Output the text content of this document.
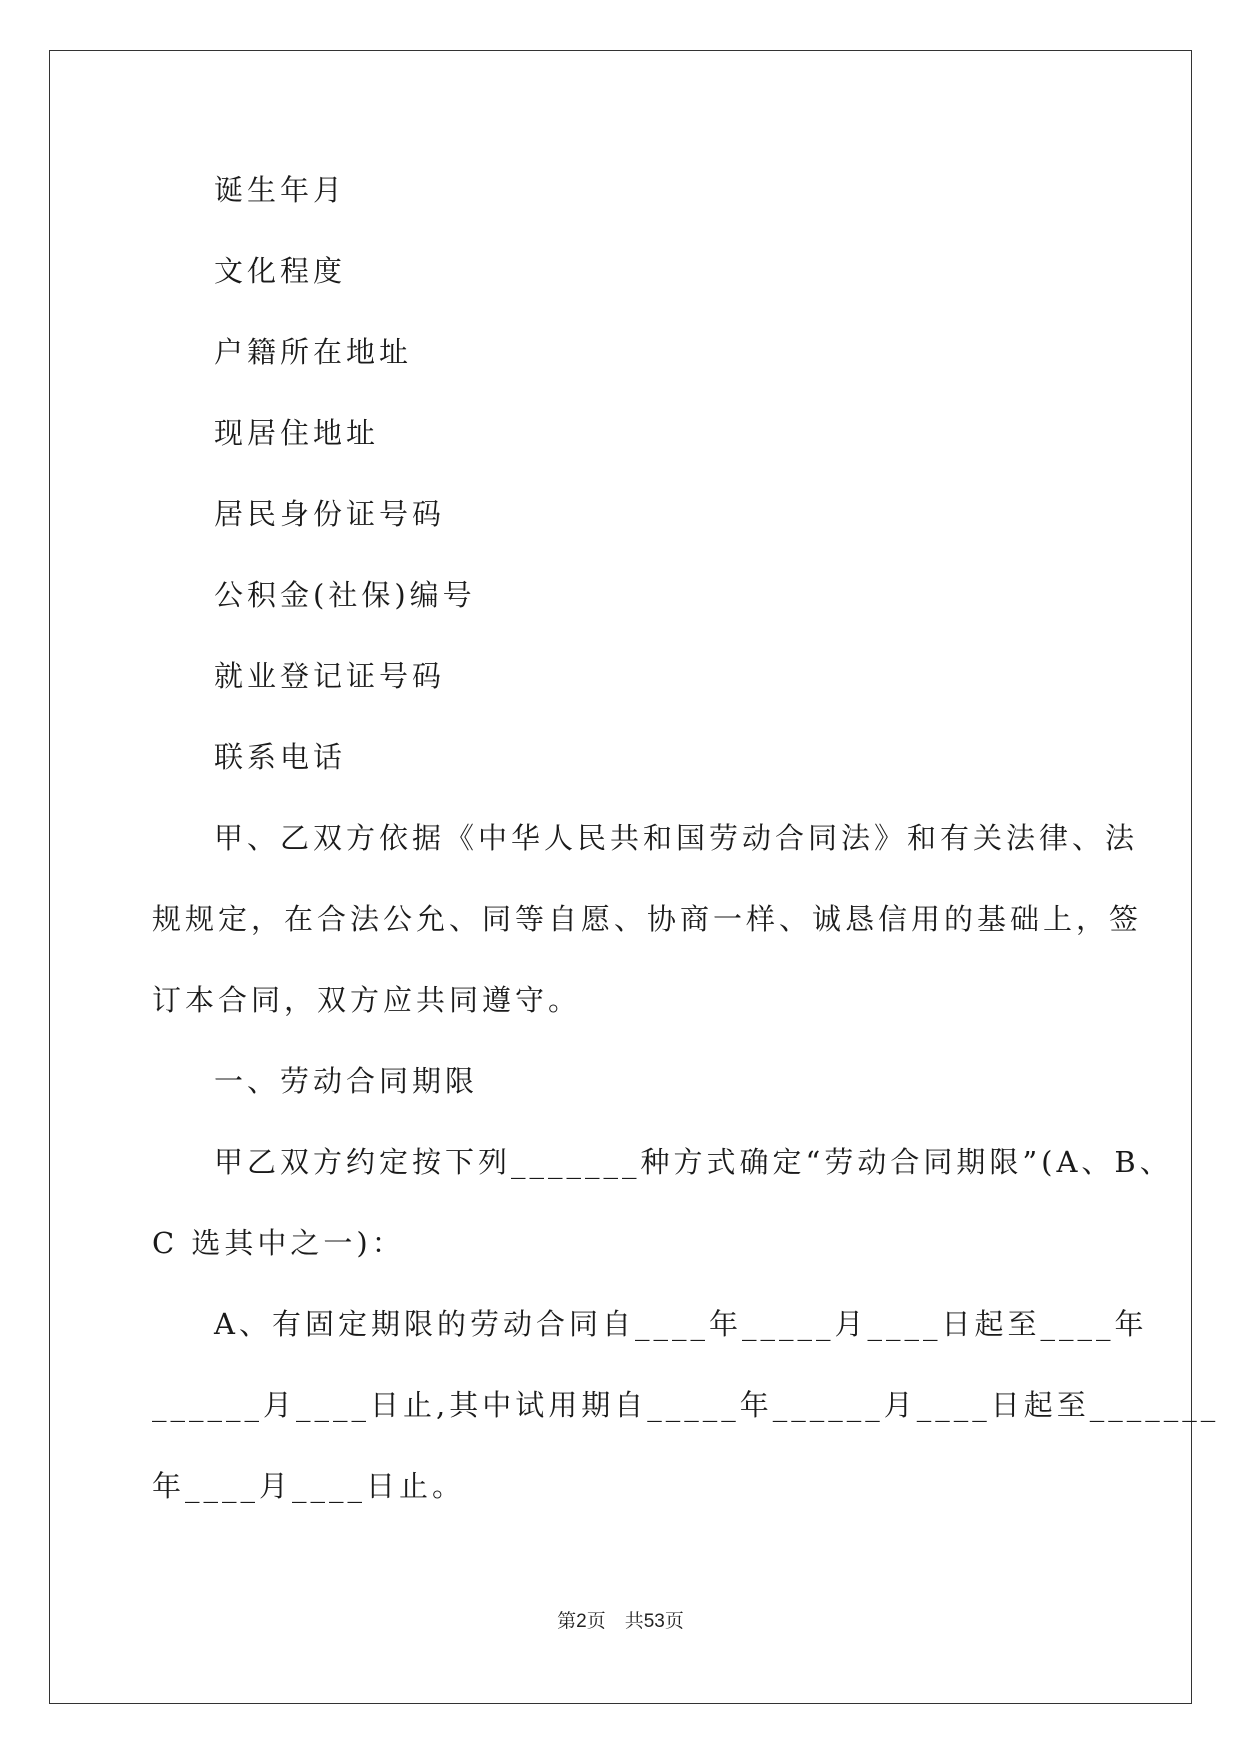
诞生年月
文化程度
户籍所在地址
现居住地址
居民身份证号码
公积金(社保)编号
就业登记证号码
联系电话
甲、乙双方依据《中华人民共和国劳动合同法》和有关法律、法
规规定，在合法公允、同等自愿、协商一样、诚恳信用的基础上，签
订本合同，双方应共同遵守。
一、劳动合同期限
甲乙双方约定按下列_______种方式确定“劳动合同期限”(A、B、
C 选其中之一)：
A、有固定期限的劳动合同自____年_____月____日起至____年
______月____日止,其中试用期自_____年______月____日起至_______
年____月____日止。
第2页    共53页
